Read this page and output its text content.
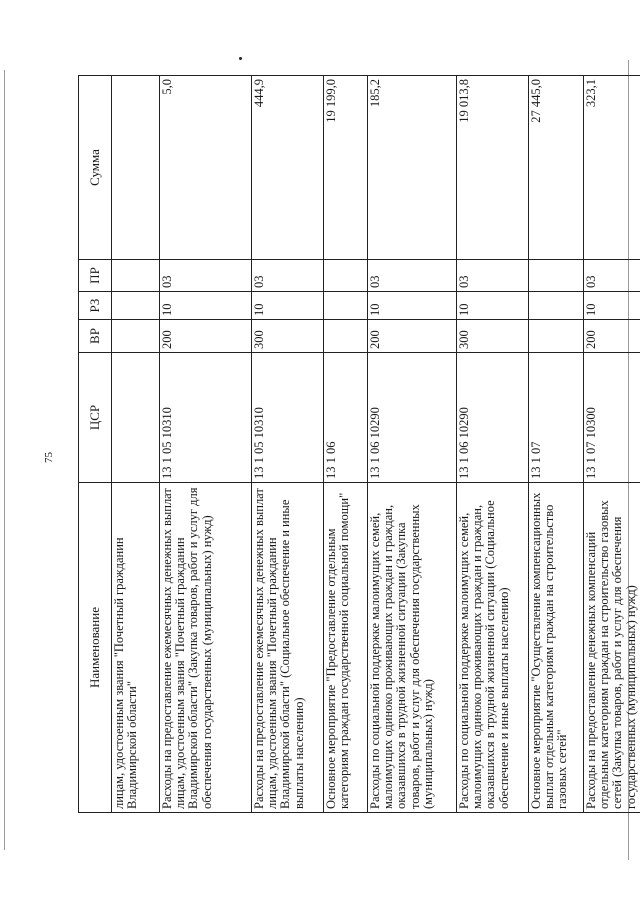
75
Наименование	ЦСР	ВР	РЗ	ПР	Сумма
лицам, удостоенным звания "Почетный гражданин Владимирской области"					
Расходы на предоставление ежемесячных денежных выплат лицам, удостоенным звания "Почетный гражданин Владимирской области" (Закупка товаров, работ и услуг для обеспечения государственных (муниципальных) нужд)	13 1 05 10310	200	10	03	5,0
Расходы на предоставление ежемесячных денежных выплат лицам, удостоенным звания "Почетный гражданин Владимирской области" (Социальное обеспечение и иные выплаты населению)	13 1 05 10310	300	10	03	444,9
Основное мероприятие "Предоставление отдельным категориям граждан государственной социальной помощи"	13 1 06				19 199,0
Расходы по социальной поддержке малоимущих семей, малоимущих одиноко проживающих граждан и граждан, оказавшихся в трудной жизненной ситуации (Закупка товаров, работ и услуг для обеспечения государственных (муниципальных) нужд)	13 1 06 10290	200	10	03	185,2
Расходы по социальной поддержке малоимущих семей, малоимущих одиноко проживающих граждан и граждан, оказавшихся в трудной жизненной ситуации (Социальное обеспечение и иные выплаты населению)	13 1 06 10290	300	10	03	19 013,8
Основное мероприятие "Осуществление компенсационных выплат отдельным категориям граждан на строительство газовых сетей"	13 1 07				27 445,0
Расходы на предоставление денежных компенсаций отдельным категориям граждан на строительство газовых сетей (Закупка товаров, работ и услуг для обеспечения государственных (муниципальных) нужд)	13 1 07 10300	200	10	03	323,1
